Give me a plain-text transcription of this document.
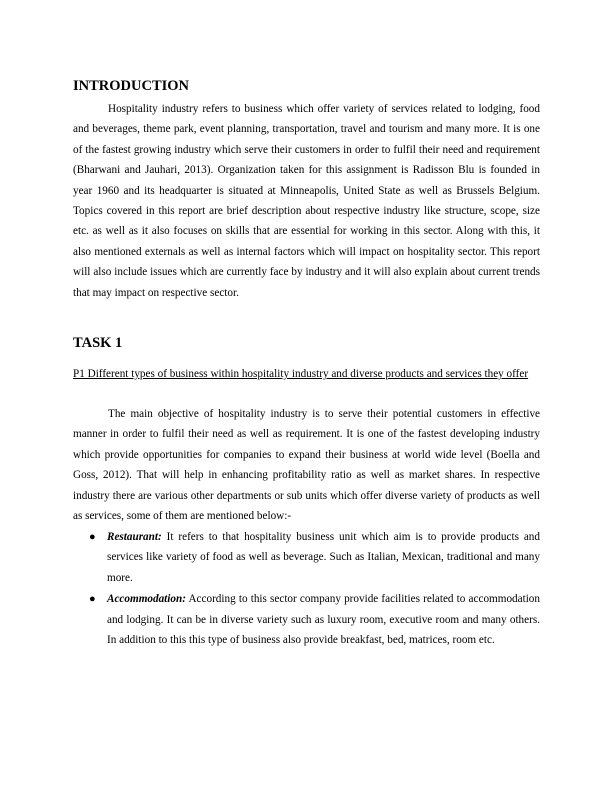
INTRODUCTION

Hospitality industry refers to business which offer variety of services related to lodging, food and beverages, theme park, event planning, transportation, travel and tourism and many more. It is one of the fastest growing industry which serve their customers in order to fulfil their need and requirement (Bharwani and Jauhari, 2013). Organization taken for this assignment is Radisson Blu is founded in year 1960 and its headquarter is situated at Minneapolis, United State as well as Brussels Belgium. Topics covered in this report are brief description about respective industry like structure, scope, size etc. as well as it also focuses on skills that are essential for working in this sector. Along with this, it also mentioned externals as well as internal factors which will impact on hospitality sector. This report will also include issues which are currently face by industry and it will also explain about current trends that may impact on respective sector.

TASK 1

P1 Different types of business within hospitality industry and diverse products and services they offer

The main objective of hospitality industry is to serve their potential customers in effective manner in order to fulfil their need as well as requirement. It is one of the fastest developing industry which provide opportunities for companies to expand their business at world wide level (Boella and Goss, 2012). That will help in enhancing profitability ratio as well as market shares. In respective industry there are various other departments or sub units which offer diverse variety of products as well as services, some of them are mentioned below:-

● Restaurant: It refers to that hospitality business unit which aim is to provide products and services like variety of food as well as beverage. Such as Italian, Mexican, traditional and many more.
● Accommodation: According to this sector company provide facilities related to accommodation and lodging. It can be in diverse variety such as luxury room, executive room and many others. In addition to this this type of business also provide breakfast, bed, matrices, room etc.
